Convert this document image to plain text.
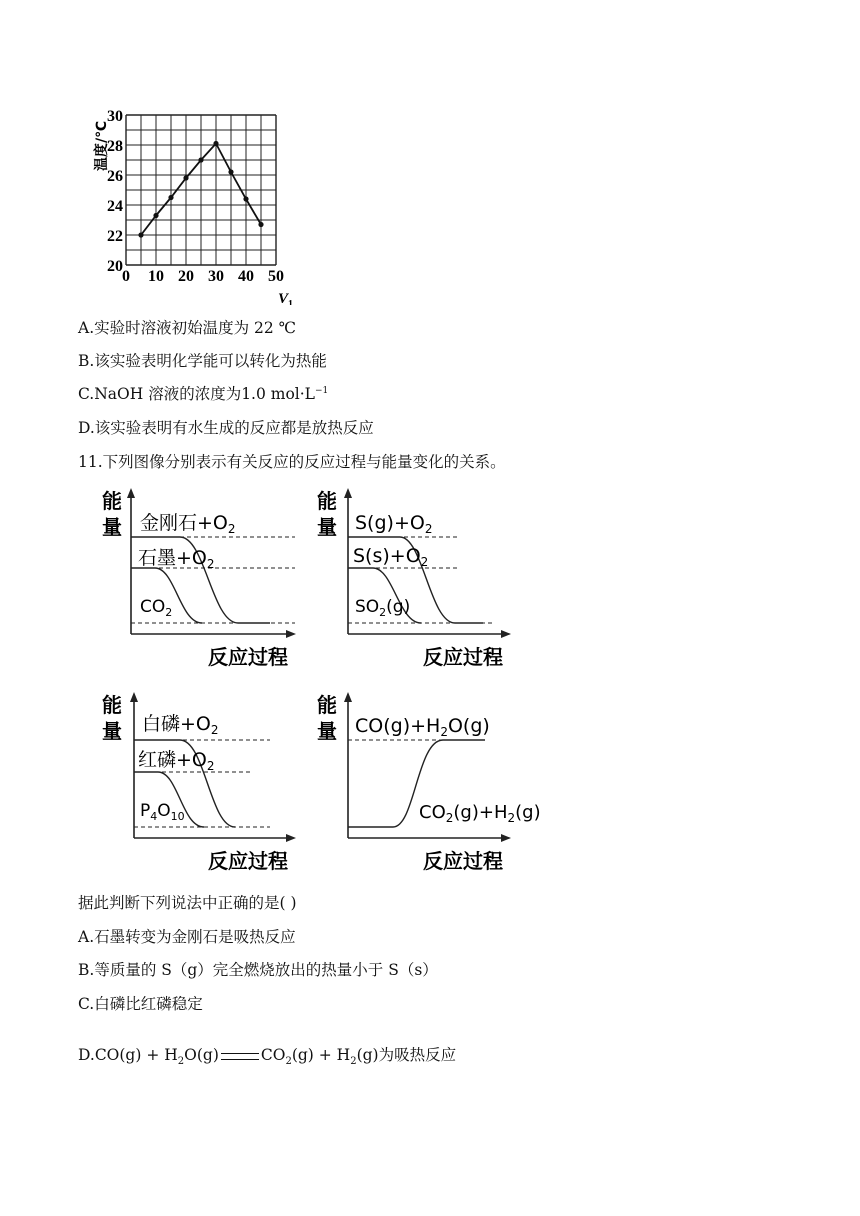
20
22
24
26
28
30
0 10 20 30 40 50
温度/℃
$V_1$
A.实验时溶液初始温度为 22 ℃
B.该实验表明化学能可以转化为热能
C.NaOH 溶液的浓度为1.0 $mol\cdot L^{-1}$
D.该实验表明有水生成的反应都是放热反应
11.下列图像分别表示有关反应的反应过程与能量变化的关系。
能
量 金刚石$+O_2$
石墨$+O_2$
$CO_2$
反应过程
能
量 $S(g)+O_2$
$S(s)+O_2$
$SO_2(g)$
反应过程
能
量 白磷$+O_2$
红磷$+O_2$
$P_4O_{10}$
反应过程
能
量 $CO(g)+H_2O(g)$
$CO_2(g)+H_2(g)$
反应过程
据此判断下列说法中正确的是( )
A.石墨转变为金刚石是吸热反应
B.等质量的 S（g）完全燃烧放出的热量小于 S（s）
C.白磷比红磷稳定
$D.CO(g) + H_2O(g)$	$CO_2(g) + H_2(g)$为吸热反应
